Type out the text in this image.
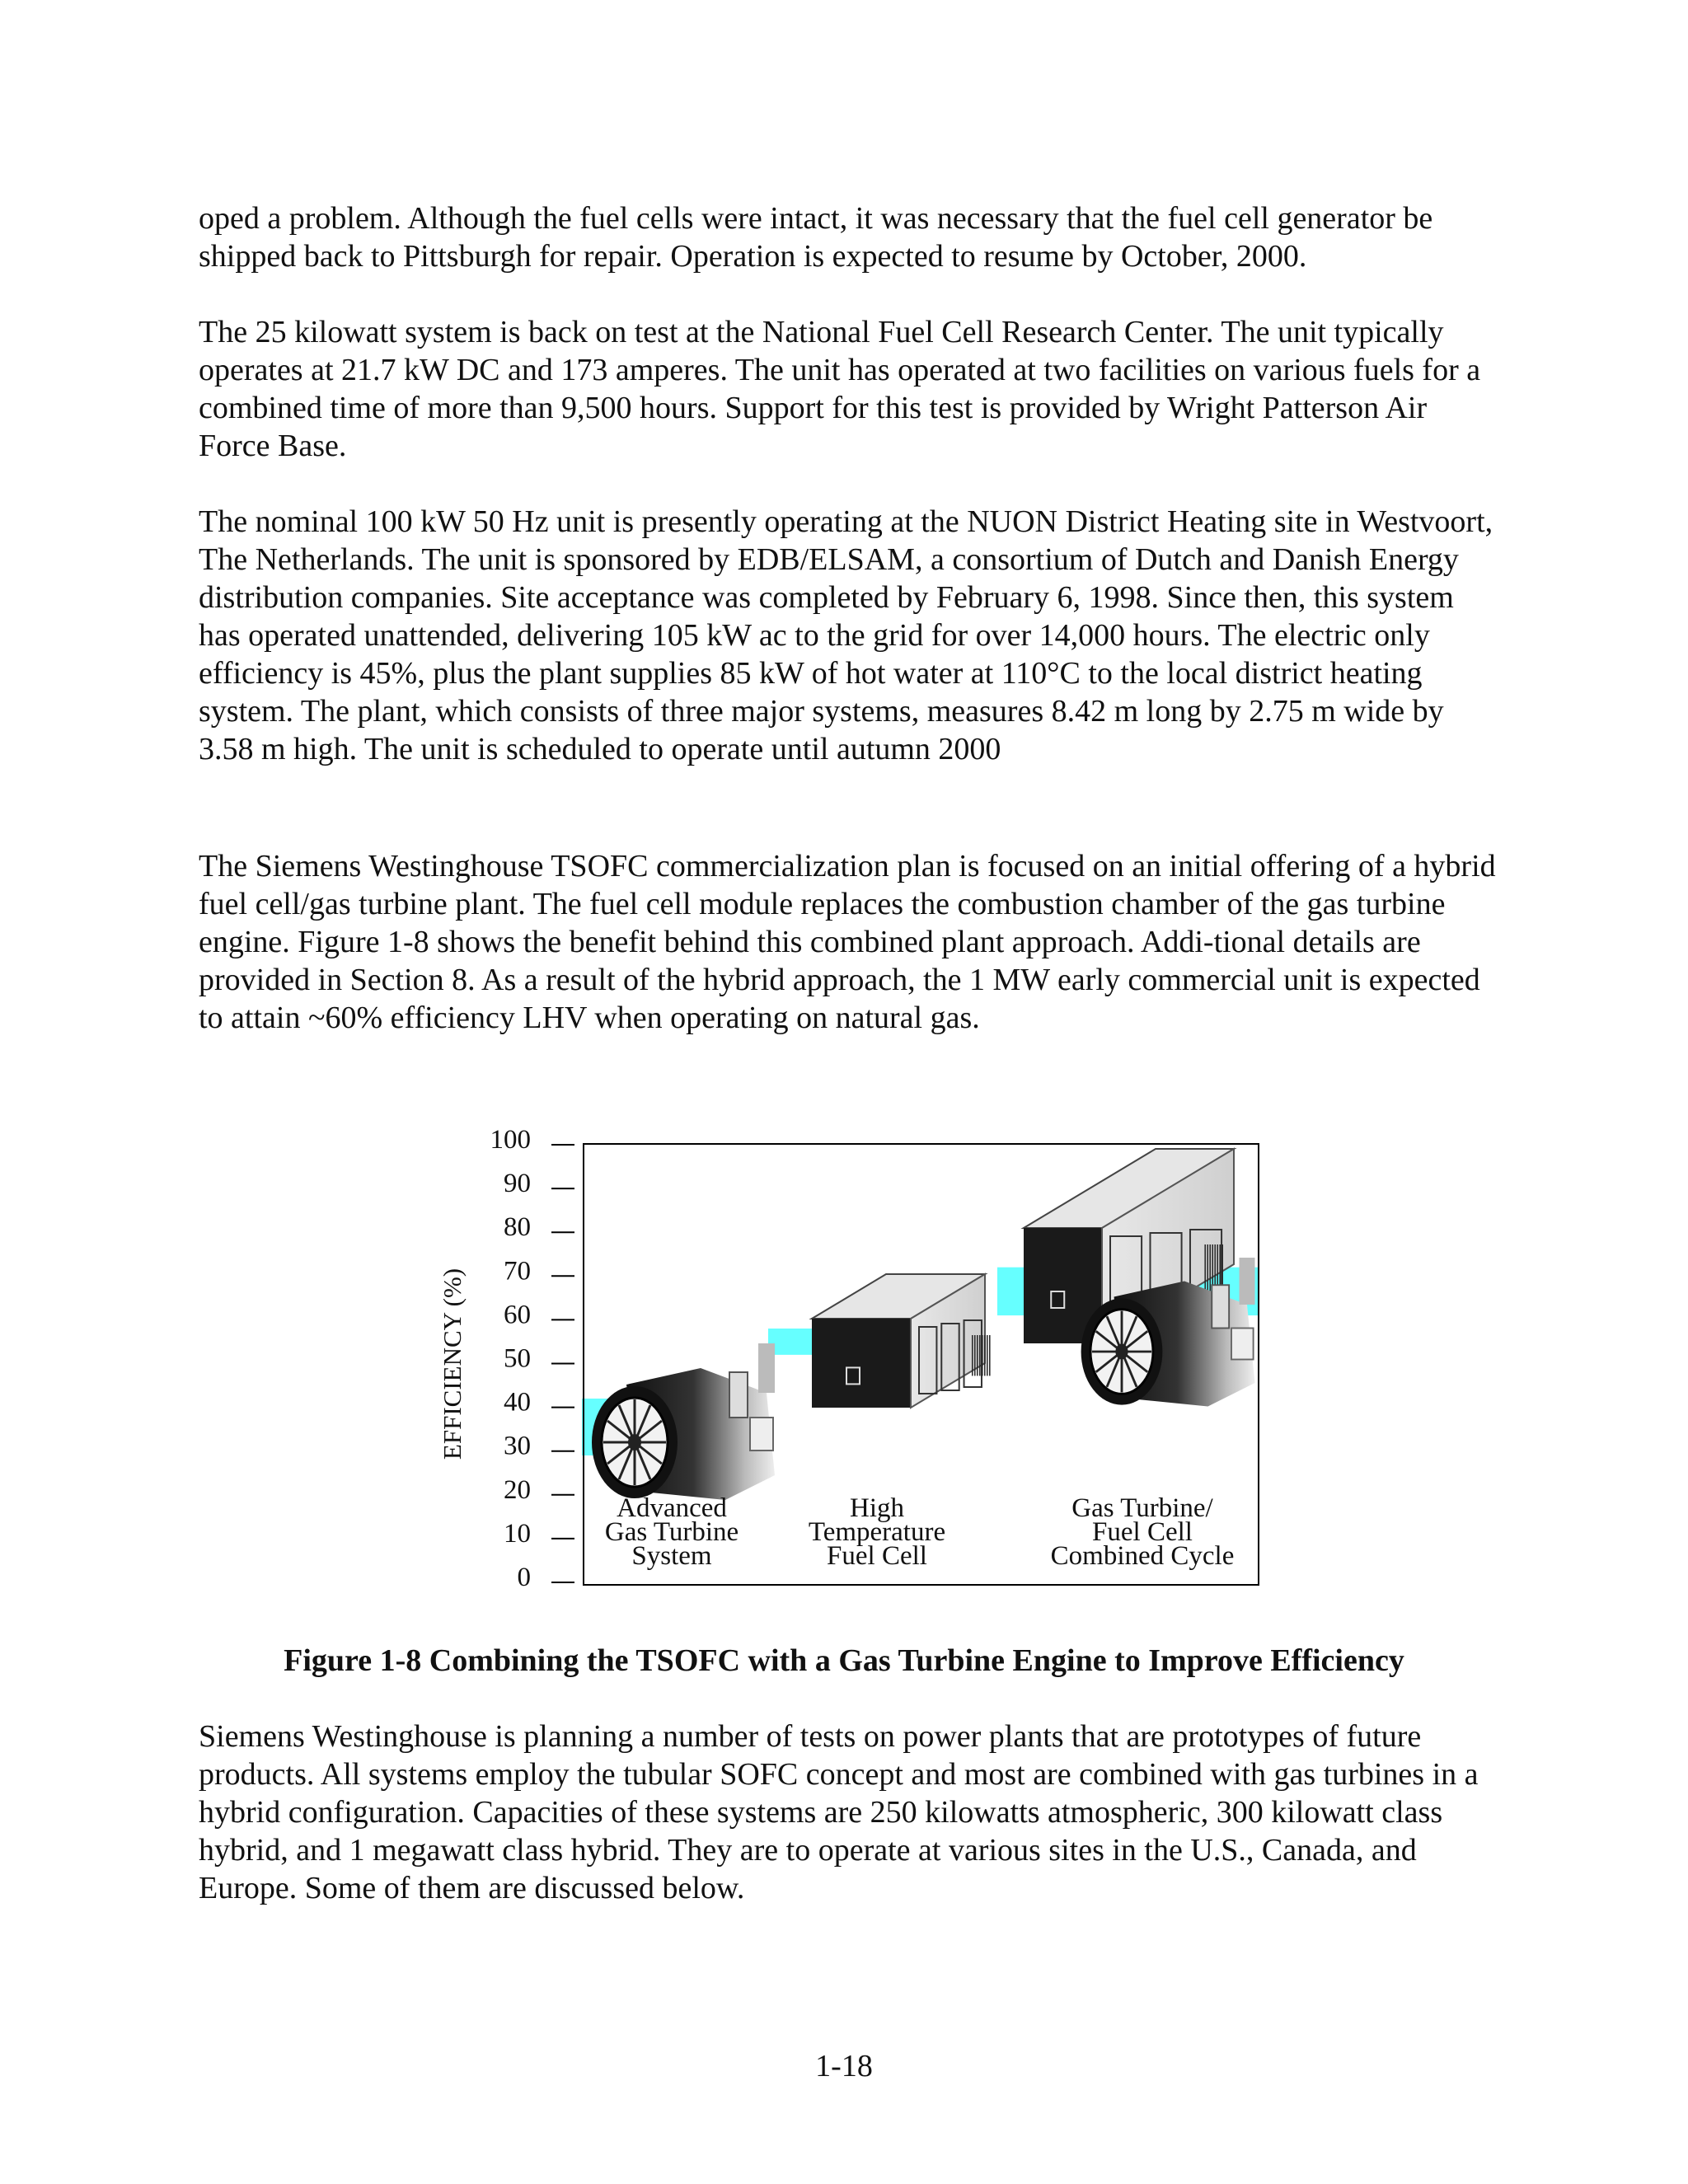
oped a problem. Although the fuel cells were intact, it was necessary that the fuel cell generator be shipped back to Pittsburgh for repair. Operation is expected to resume by October, 2000.

The 25 kilowatt system is back on test at the National Fuel Cell Research Center. The unit typically operates at 21.7 kW DC and 173 amperes. The unit has operated at two facilities on various fuels for a combined time of more than 9,500 hours. Support for this test is provided by Wright Patterson Air Force Base.

The nominal 100 kW 50 Hz unit is presently operating at the NUON District Heating site in Westvoort, The Netherlands. The unit is sponsored by EDB/ELSAM, a consortium of Dutch and Danish Energy distribution companies. Site acceptance was completed by February 6, 1998. Since then, this system has operated unattended, delivering 105 kW ac to the grid for over 14,000 hours. The electric only efficiency is 45%, plus the plant supplies 85 kW of hot water at 110°C to the local district heating system. The plant, which consists of three major systems, measures 8.42 m long by 2.75 m wide by 3.58 m high. The unit is scheduled to operate until autumn 2000

The Siemens Westinghouse TSOFC commercialization plan is focused on an initial offering of a hybrid fuel cell/gas turbine plant. The fuel cell module replaces the combustion chamber of the gas turbine engine. Figure 1-8 shows the benefit behind this combined plant approach. Addi-tional details are provided in Section 8. As a result of the hybrid approach, the 1 MW early commercial unit is expected to attain ~60% efficiency LHV when operating on natural gas.

0
10
20
30
40
50
60
70
80
90
100
EFFICIENCY (%)
Advanced
Gas Turbine
System
High
Temperature
Fuel Cell
Gas Turbine/
Fuel Cell
Combined Cycle

Figure 1-8 Combining the TSOFC with a Gas Turbine Engine to Improve Efficiency

Siemens Westinghouse is planning a number of tests on power plants that are prototypes of future products. All systems employ the tubular SOFC concept and most are combined with gas turbines in a hybrid configuration. Capacities of these systems are 250 kilowatts atmospheric, 300 kilowatt class hybrid, and 1 megawatt class hybrid. They are to operate at various sites in the U.S., Canada, and Europe. Some of them are discussed below.

1-18
